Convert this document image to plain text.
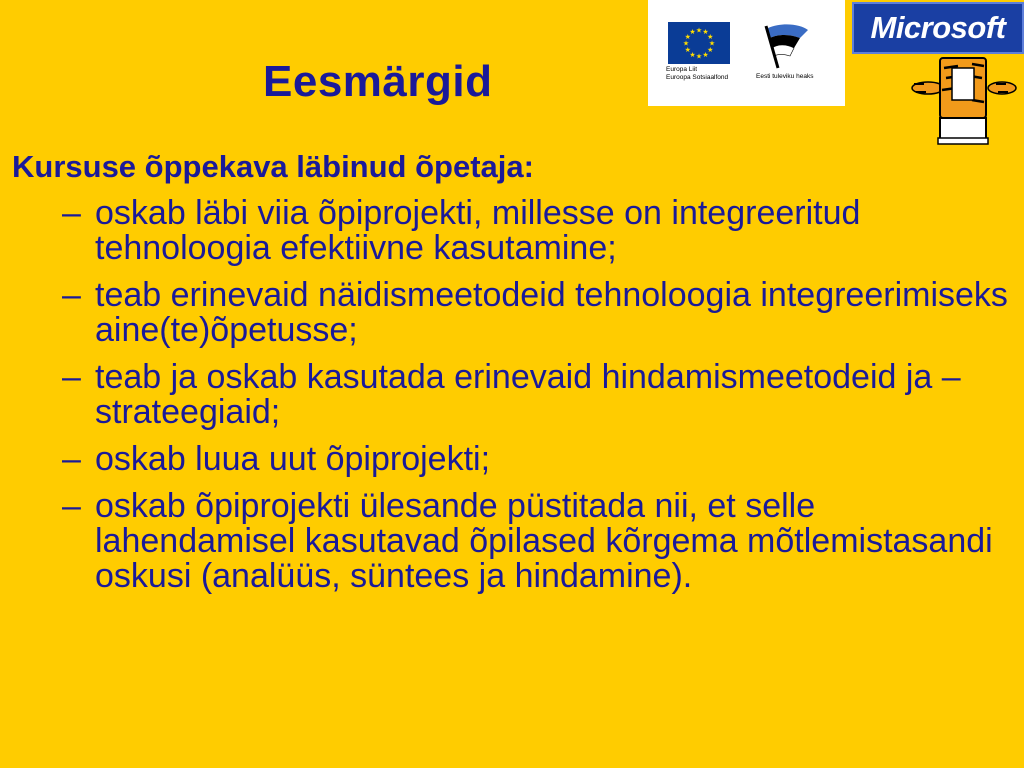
Eesmärgid
★
★
★
★
★
★
★
★
★ ★ ★
★
Europa Liit
Euroopa Sotsiaalfond	Eesti tuleviku heaks
Microsoft
Kursuse õppekava läbinud õpetaja:
– oskab läbi viia õpiprojekti, millesse on integreeritud tehnoloogia efektiivne kasutamine;
– teab erinevaid näidismeetodeid tehnoloogia integreerimiseks aine(te)õpetusse;
– teab ja oskab kasutada erinevaid hindamismeetodeid ja –strateegiaid;
– oskab luua uut õpiprojekti;
– oskab õpiprojekti ülesande püstitada nii, et selle lahendamisel kasutavad õpilased kõrgema mõtlemistasandi oskusi (analüüs, süntees ja hindamine).
